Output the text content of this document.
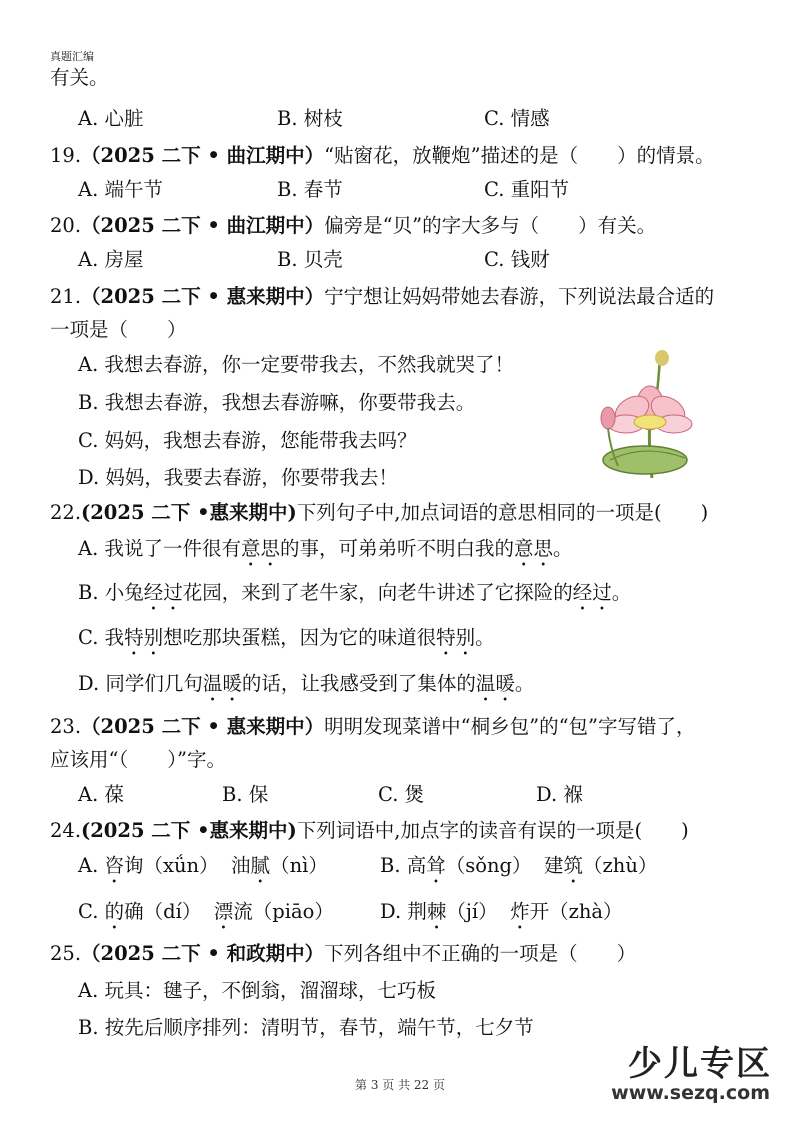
真题汇编
有关。
A. 心脏	B. 树枝	C. 情感
19.（2025 二下 • 曲江期中）“贴窗花，放鞭炮”描述的是（　　）的情景。
A. 端午节	B. 春节	C. 重阳节
20.（2025 二下 • 曲江期中）偏旁是“贝”的字大多与（　　）有关。
A. 房屋	B. 贝壳	C. 钱财
21.（2025 二下 • 惠来期中）宁宁想让妈妈带她去春游，下列说法最合适的
一项是（　　）
A. 我想去春游，你一定要带我去，不然我就哭了！
B. 我想去春游，我想去春游嘛，你要带我去。
C. 妈妈，我想去春游，您能带我去吗？
D. 妈妈，我要去春游，你要带我去！
22.(2025 二下 •惠来期中)下列句子中,加点词语的意思相同的一项是(　　)
A. 我说了一件很有意思的事，可弟弟听不明白我的意思。
B. 小兔经过花园，来到了老牛家，向老牛讲述了它探险的经过。
C. 我特别想吃那块蛋糕，因为它的味道很特别。
D. 同学们几句温暖的话，让我感受到了集体的温暖。
23.（2025 二下 • 惠来期中）明明发现菜谱中“桐乡包”的“包”字写错了，
应该用“（　　）”字。
A. 葆	B. 保	C. 煲	D. 褓
24.(2025 二下 •惠来期中)下列词语中,加点字的读音有误的一项是(　　)
A. 咨询（xǘn） 油腻（nì）	B. 高耸（sǒng） 建筑（zhù）
C. 的确（dí） 漂流（piāo） D. 荆棘（jí） 炸开（zhà）
25.（2025 二下 • 和政期中）下列各组中不正确的一项是（　　）
A. 玩具：毽子，不倒翁，溜溜球，七巧板
B. 按先后顺序排列：清明节，春节，端午节，七夕节
少儿专区
www.sezq.com
第 3 页 共 22 页
